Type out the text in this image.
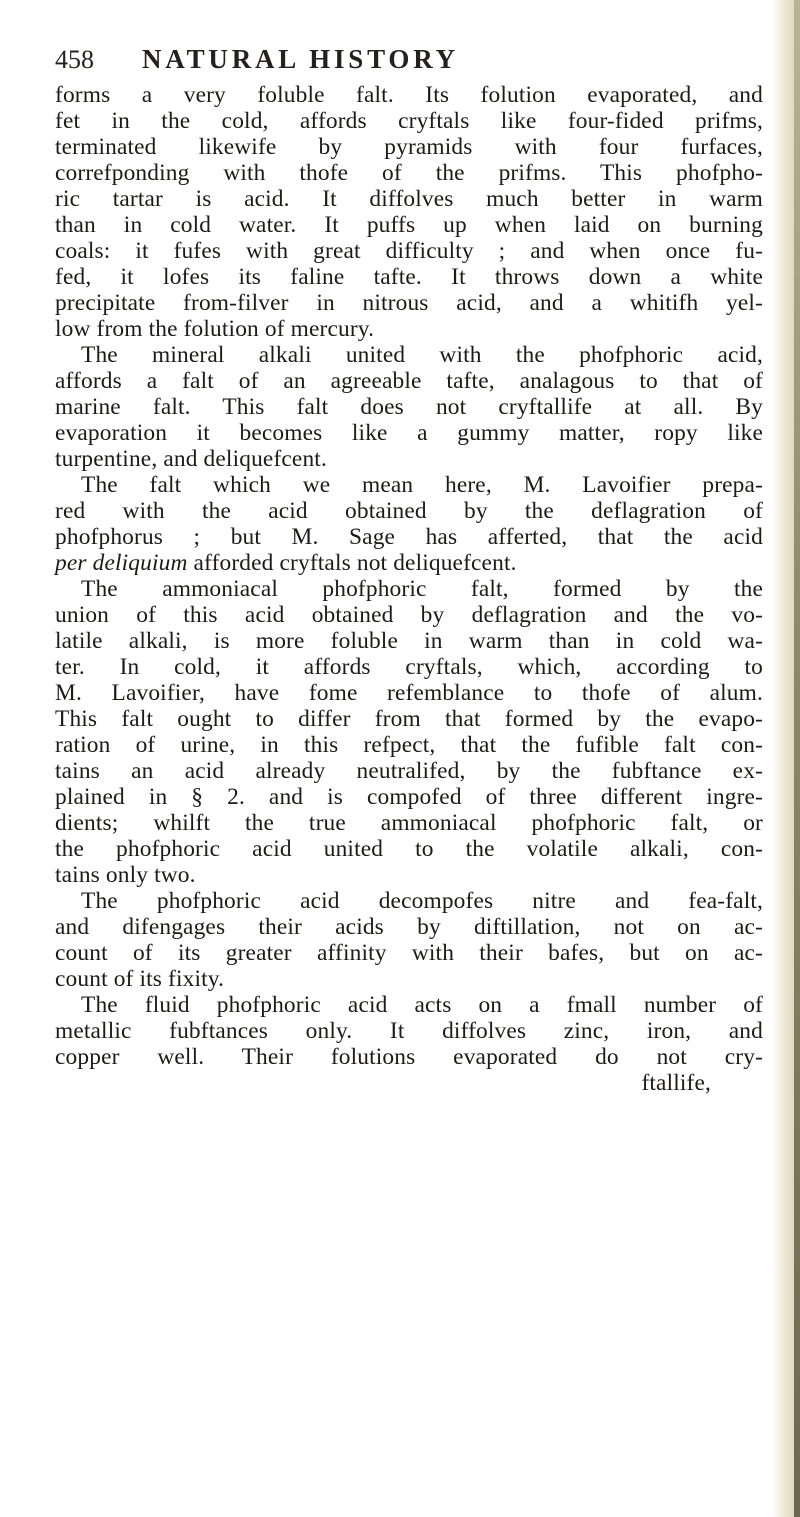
458 NATURAL HISTORY
forms a very foluble falt. Its folution evaporated, and
fet in the cold, affords cryftals like four-fided prifms,
terminated likewife by pyramids with four furfaces,
correfponding with thofe of the prifms. This phofpho-
ric tartar is acid. It diffolves much better in warm
than in cold water. It puffs up when laid on burning
coals: it fufes with great difficulty ; and when once fu-
fed, it lofes its faline tafte. It throws down a white
precipitate from-filver in nitrous acid, and a whitifh yel-
low from the folution of mercury.
The mineral alkali united with the phofphoric acid,
affords a falt of an agreeable tafte, analagous to that of
marine falt. This falt does not cryftallife at all. By
evaporation it becomes like a gummy matter, ropy like
turpentine, and deliquefcent.
The falt which we mean here, M. Lavoifier prepa-
red with the acid obtained by the deflagration of
phofphorus ; but M. Sage has afferted, that the acid
per deliquium afforded cryftals not deliquefcent.
The ammoniacal phofphoric falt, formed by the
union of this acid obtained by deflagration and the vo-
latile alkali, is more foluble in warm than in cold wa-
ter. In cold, it affords cryftals, which, according to
M. Lavoifier, have fome refemblance to thofe of alum.
This falt ought to differ from that formed by the evapo-
ration of urine, in this refpect, that the fufible falt con-
tains an acid already neutralifed, by the fubftance ex-
plained in § 2. and is compofed of three different ingre-
dients; whilft the true ammoniacal phofphoric falt, or
the phofphoric acid united to the volatile alkali, con-
tains only two.
The phofphoric acid decompofes nitre and fea-falt,
and difengages their acids by diftillation, not on ac-
count of its greater affinity with their bafes, but on ac-
count of its fixity.
The fluid phofphoric acid acts on a fmall number of
metallic fubftances only. It diffolves zinc, iron, and
copper well. Their folutions evaporated do not cry-
ftallife,
